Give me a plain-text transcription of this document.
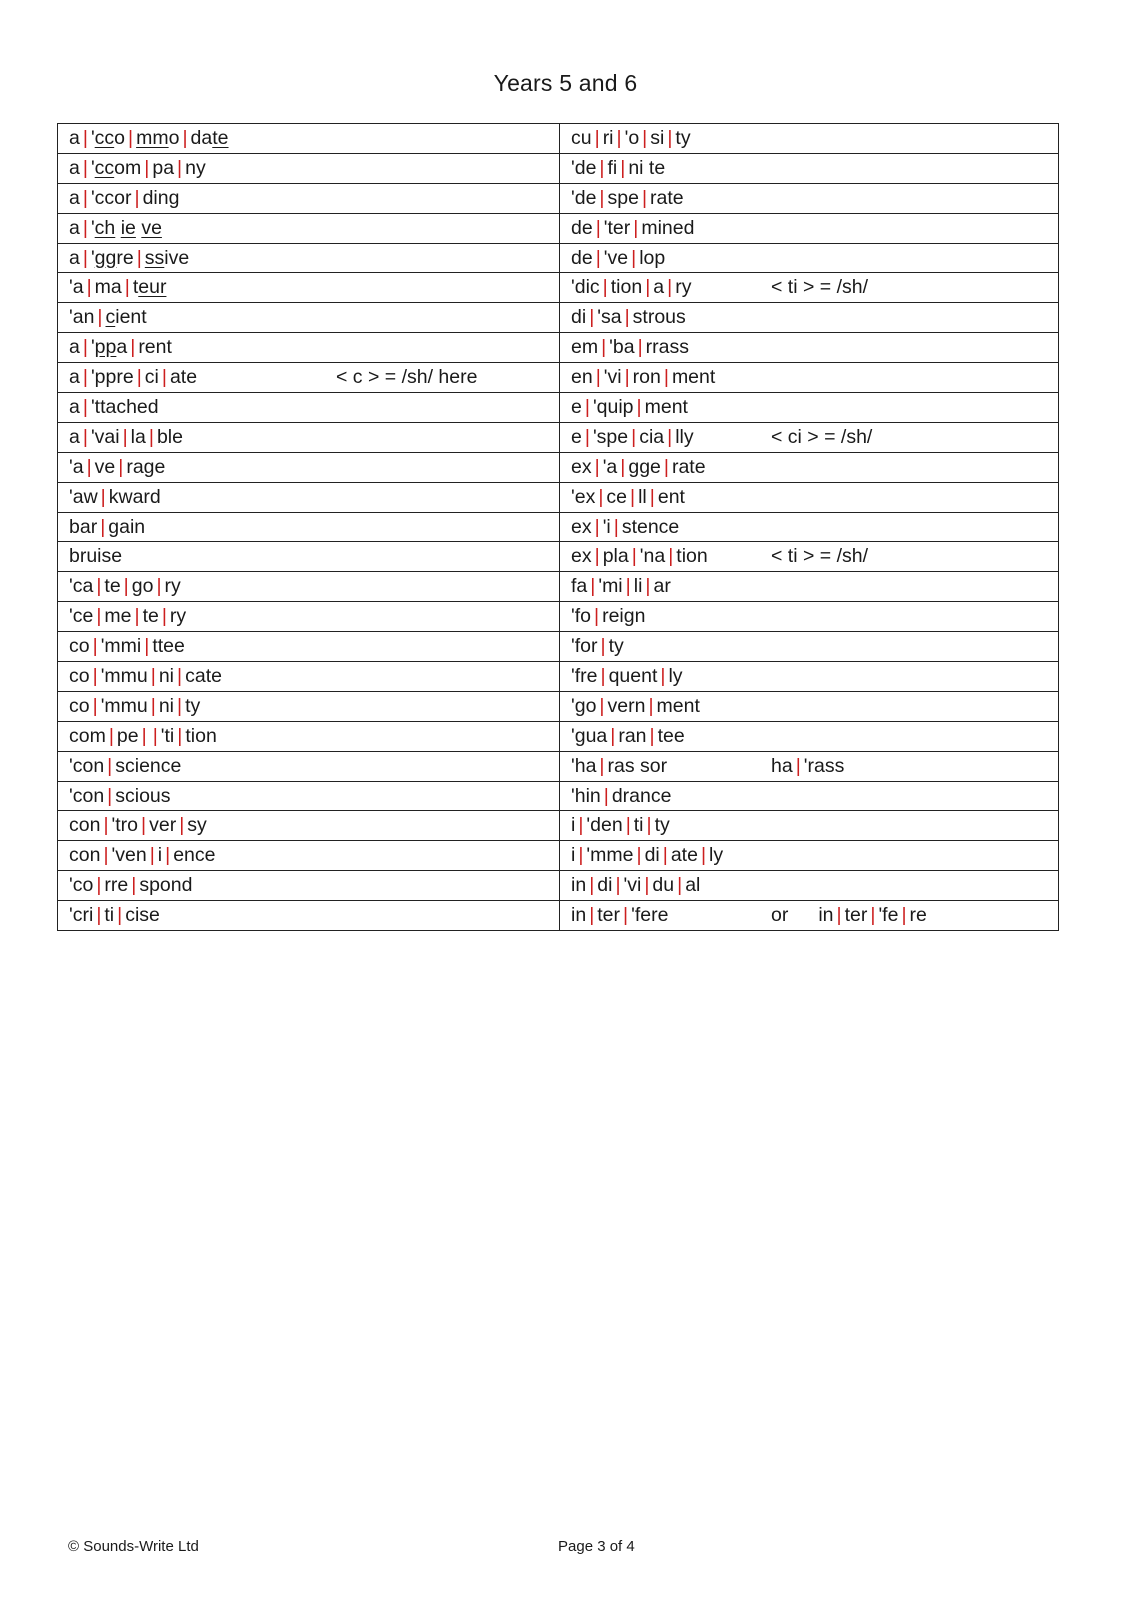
Years 5 and 6
a | 'cco | mmo | date	cu | ri | 'o | si | ty

a | 'ccom | pa | ny	'de | fi | ni te

a | 'ccor | ding	'de | spe | rate

a | 'ch ie ve	de | 'ter | mined

a | 'ggre | ssive	de | 've | lop

'a | ma | teur	'dic | tion | a | ry < ti > = /sh/

'an | cient	di | 'sa | strous

a | 'ppa | rent	em | 'ba | rrass

a | 'ppre | ci | ate < c > = /sh/ here	en | 'vi | ron | ment

a | 'ttached	e | 'quip | ment

a | 'vai | la | ble	e | 'spe | cia | lly < ci > = /sh/

'a | ve | rage	ex | 'a | gge | rate

'aw | kward	'ex | ce | ll | ent

bar | gain	ex | 'i | stence

bruise	ex | pla | 'na | tion < ti > = /sh/

'ca | te | go | ry	fa | 'mi | li | ar

'ce | me | te | ry	'fo | reign

co | 'mmi | ttee	'for | ty

co | 'mmu | ni | cate	'fre | quent | ly

co | 'mmu | ni | ty	'go | vern | ment

com | pe | | 'ti | tion	'gua | ran | tee

'con | science	'ha | ras sor ha | 'rass

'con | scious	'hin | drance

con | 'tro | ver | sy	i | 'den | ti | ty

con | 'ven | i | ence	i | 'mme | di | ate | ly

'co | rre | spond	in | di | 'vi | du | al

'cri | ti | cise	in | ter | 'fere or in | ter | 'fe | re
© Sounds-Write Ltd	Page 3 of 4
